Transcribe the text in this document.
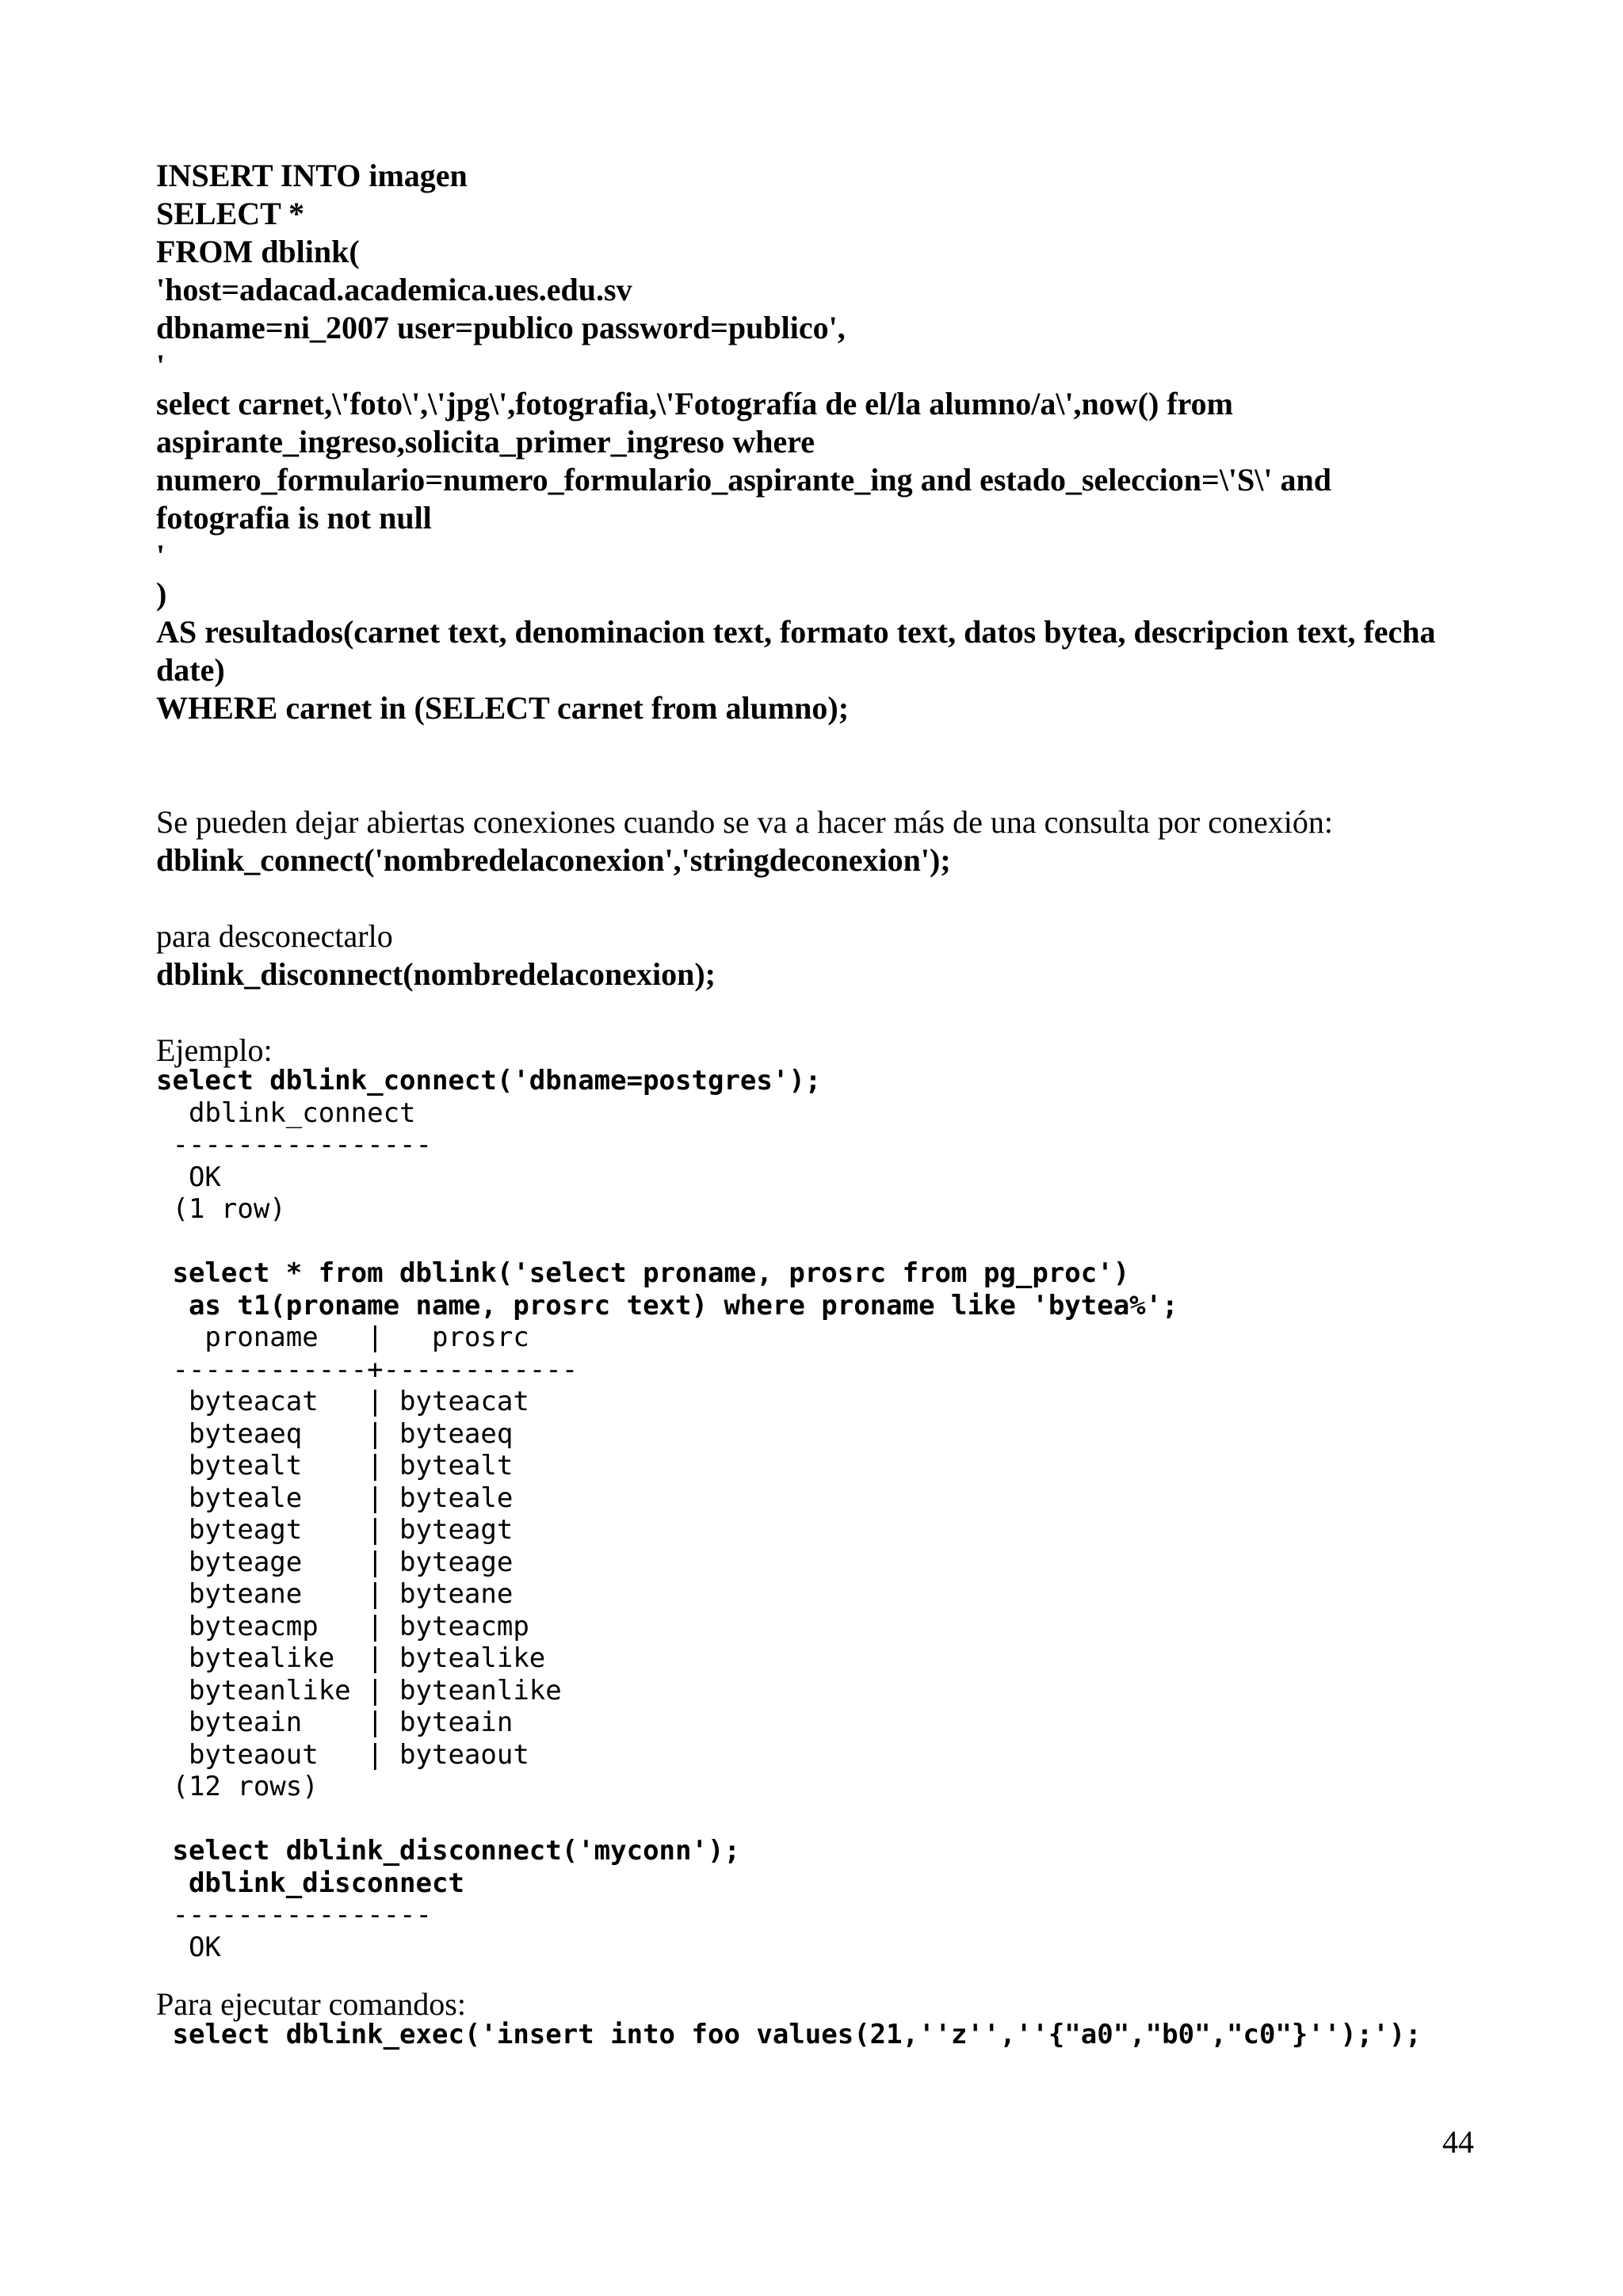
INSERT INTO imagen
SELECT *
FROM dblink(
'host=adacad.academica.ues.edu.sv
dbname=ni_2007 user=publico password=publico',
'
select carnet,\'foto\',\'jpg\',fotografia,\'Fotografía de el/la alumno/a\',now() from aspirante_ingreso,solicita_primer_ingreso where numero_formulario=numero_formulario_aspirante_ing and estado_seleccion=\'S\' and fotografia is not null
'
)
AS resultados(carnet text, denominacion text, formato text, datos bytea, descripcion text, fecha date)
WHERE carnet in (SELECT carnet from alumno);
Se pueden dejar abiertas conexiones cuando se va a hacer más de una consulta por conexión:
dblink_connect('nombredelaconexion','stringdeconexion');
para desconectarlo
dblink_disconnect(nombredelaconexion);
Ejemplo:
select dblink_connect('dbname=postgres');
dblink_connect
----------------
OK
(1 row)

select * from dblink('select proname, prosrc from pg_proc')
as t1(proname name, prosrc text) where proname like 'bytea%';
proname   |   prosrc
------------+------------
byteacat   | byteacat
byteaeq    | byteaeq
bytealt    | bytealt
byteale    | byteale
byteagt    | byteagt
byteage    | byteage
byteane    | byteane
byteacmp   | byteacmp
bytealike  | bytealike
byteanlike | byteanlike
byteain    | byteain
byteaout   | byteaout
(12 rows)

select dblink_disconnect('myconn');
dblink_disconnect
----------------
OK
Para ejecutar comandos:
select dblink_exec('insert into foo values(21,''z'',''{"a0","b0","c0"}'');');
44
